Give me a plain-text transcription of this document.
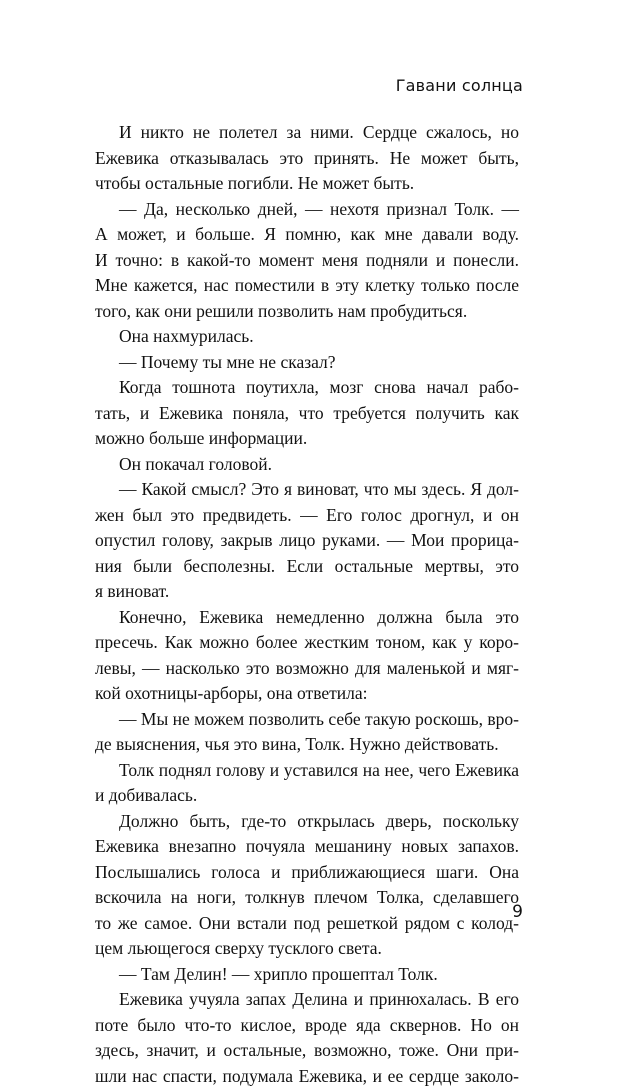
Гавани солнца
И никто не полетел за ними. Сердце сжалось, но
Ежевика отказывалась это принять. Не может быть,
чтобы остальные погибли. Не может быть.
— Да, несколько дней, — нехотя признал Толк. —
А может, и больше. Я помню, как мне давали воду.
И точно: в какой-то момент меня подняли и понесли.
Мне кажется, нас поместили в эту клетку только после
того, как они решили позволить нам пробудиться.
Она нахмурилась.
— Почему ты мне не сказал?
Когда тошнота поутихла, мозг снова начал рабо-
тать, и Ежевика поняла, что требуется получить как
можно больше информации.
Он покачал головой.
— Какой смысл? Это я виноват, что мы здесь. Я дол-
жен был это предвидеть. — Его голос дрогнул, и он
опустил голову, закрыв лицо руками. — Мои прорица-
ния были бесполезны. Если остальные мертвы, это
я виноват.
Конечно, Ежевика немедленно должна была это
пресечь. Как можно более жестким тоном, как у коро-
левы, — насколько это возможно для маленькой и мяг-
кой охотницы-арборы, она ответила:
— Мы не можем позволить себе такую роскошь, вро-
де выяснения, чья это вина, Толк. Нужно действовать.
Толк поднял голову и уставился на нее, чего Ежевика
и добивалась.
Должно быть, где-то открылась дверь, поскольку
Ежевика внезапно почуяла мешанину новых запахов.
Послышались голоса и приближающиеся шаги. Она
вскочила на ноги, толкнув плечом Толка, сделавшего
то же самое. Они встали под решеткой рядом с колод-
цем льющегося сверху тусклого света.
— Там Делин! — хрипло прошептал Толк.
Ежевика учуяла запах Делина и принюхалась. В его
поте было что-то кислое, вроде яда сквернов. Но он
здесь, значит, и остальные, возможно, тоже. Они при-
шли нас спасти, подумала Ежевика, и ее сердце заколо-
9
